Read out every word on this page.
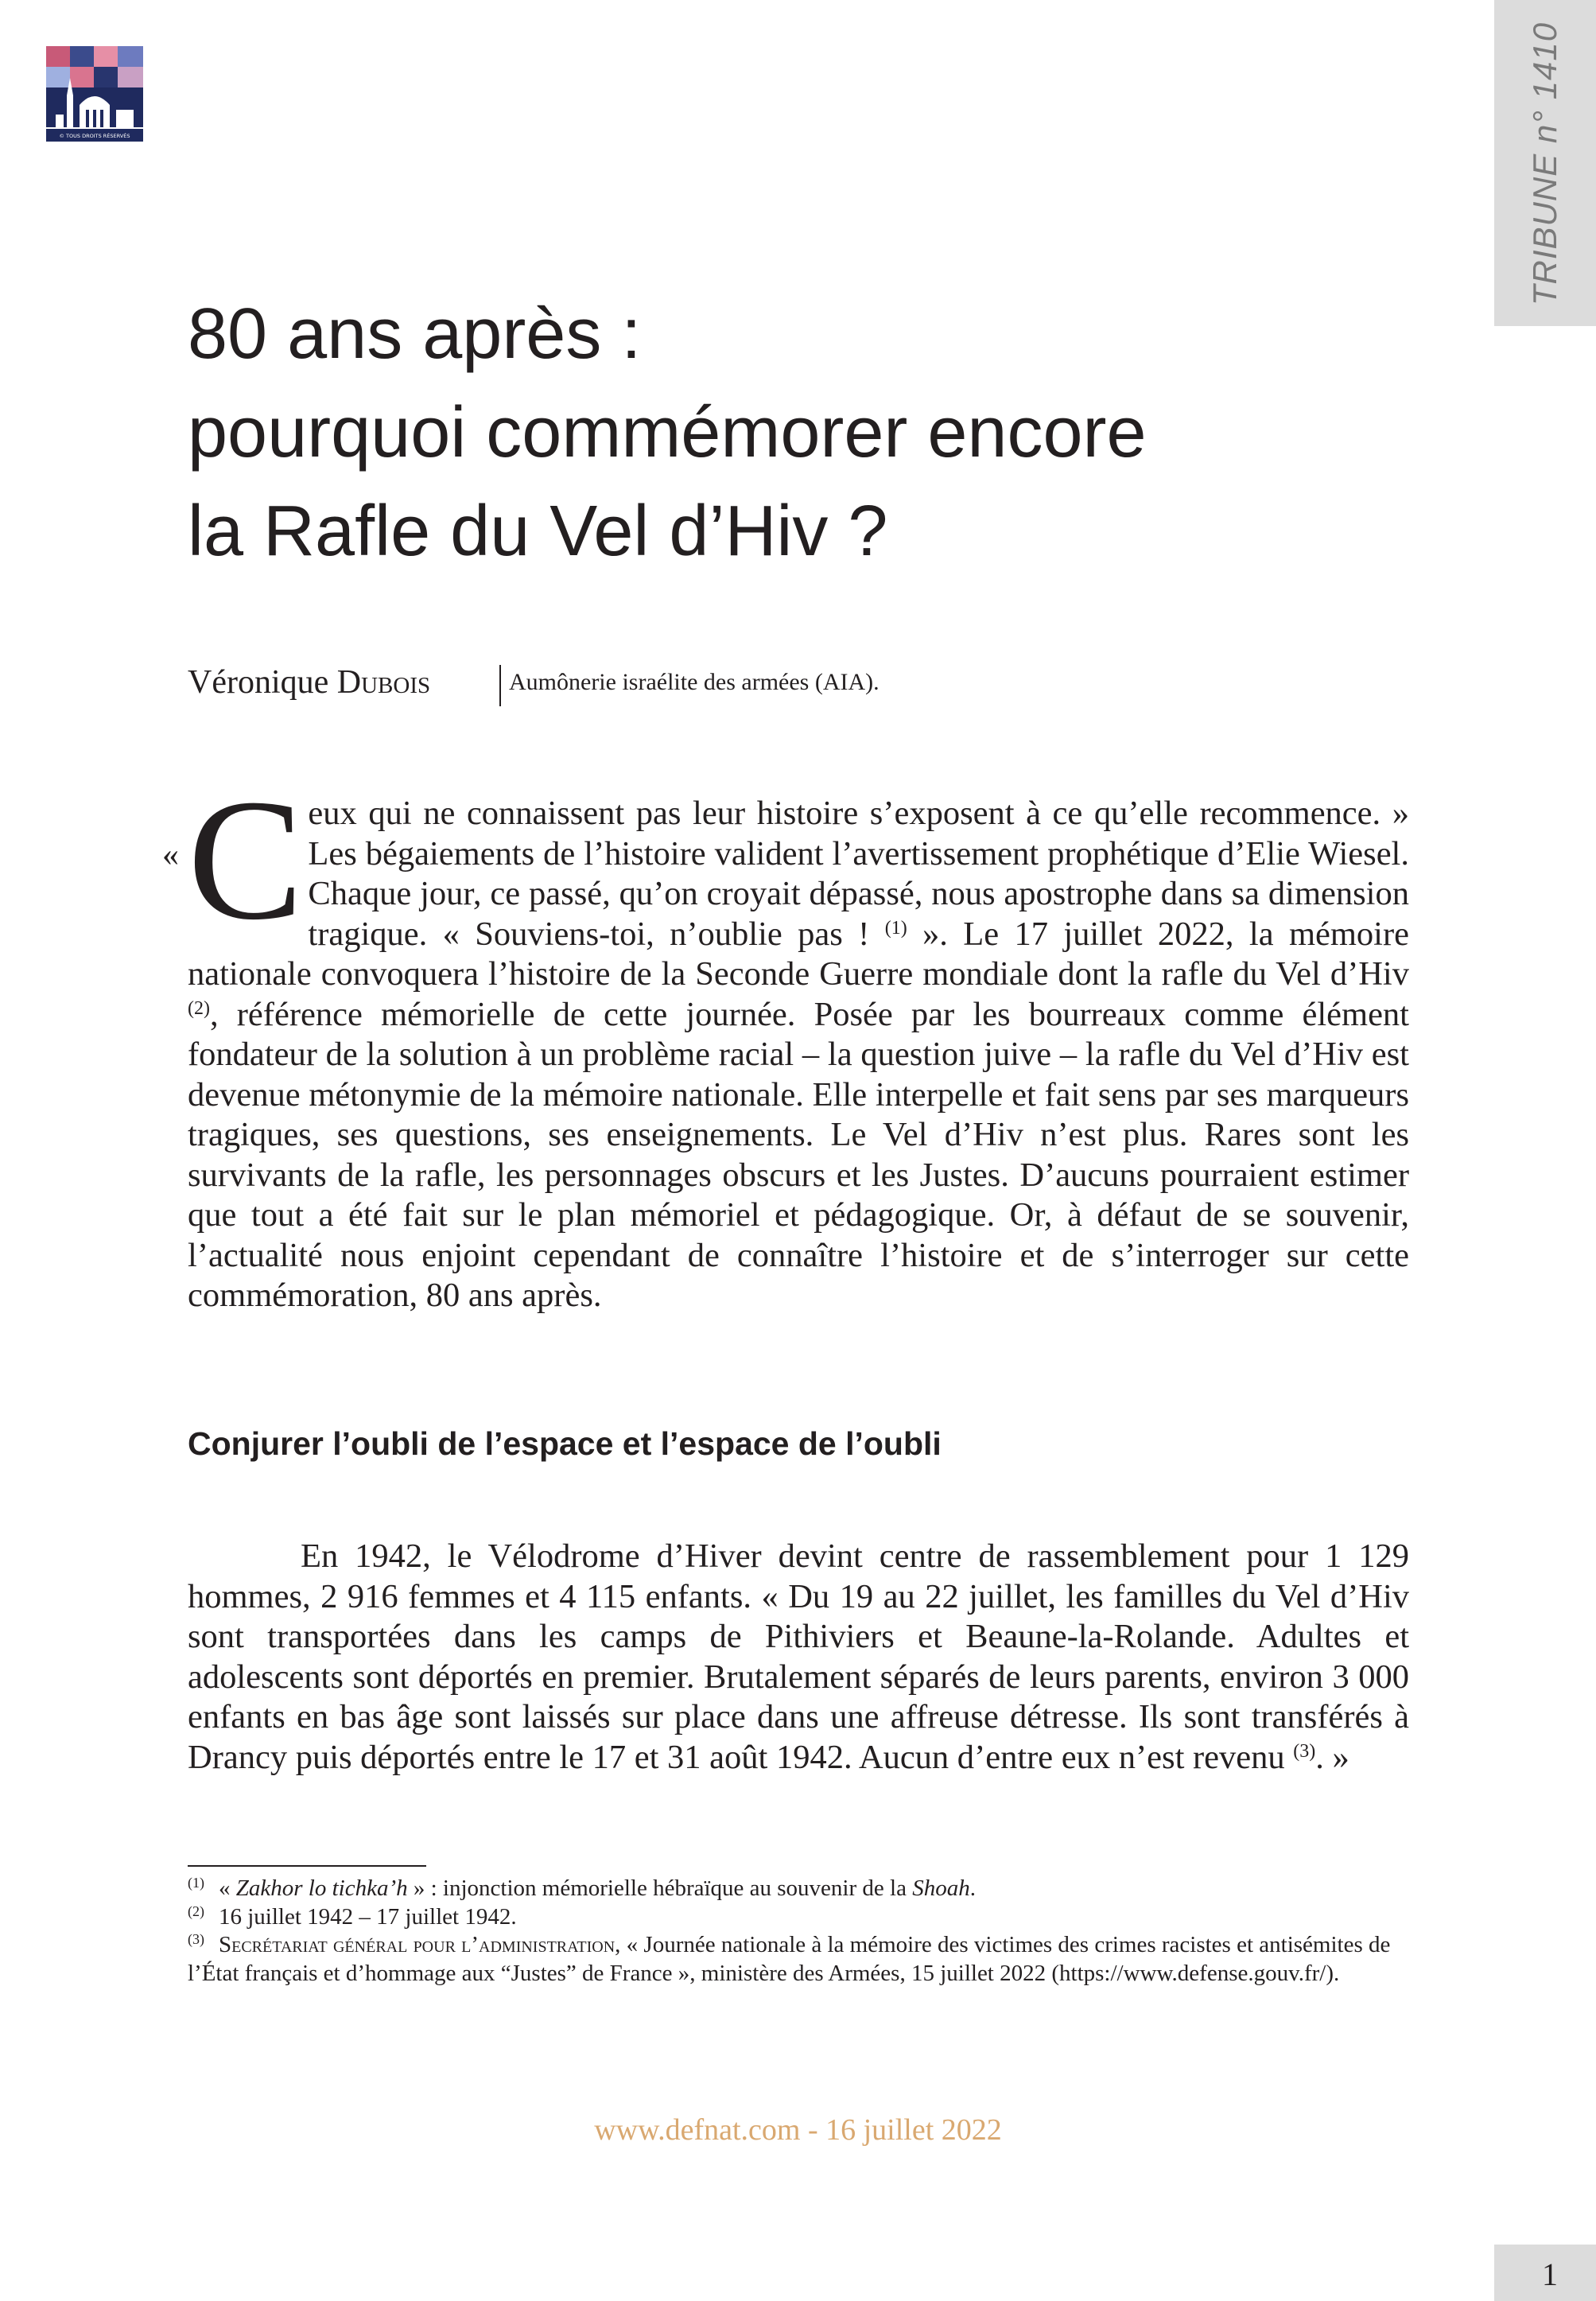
© TOUS DROITS RÉSERVÉS	TRIBUNE n° 1410
80 ans après :
pourquoi commémorer encore
la Rafle du Vel d’Hiv ?
Véronique Dubois	Aumônerie israélite des armées (AIA).
« Ceux qui ne connaissent pas leur histoire s’exposent à ce qu’elle recommence. » Les bégaiements de l’histoire valident l’avertissement prophétique d’Elie Wiesel. Chaque jour, ce passé, qu’on croyait dépassé, nous apostrophe dans sa dimension tragique. « Souviens-toi, n’oublie pas ! $^{(1)}$ ». Le 17 juillet 2022, la mémoire nationale convoquera l’histoire de la Seconde Guerre mondiale dont la rafle du Vel d’Hiv $^{(2)}$, référence mémorielle de cette journée. Posée par les bourreaux comme élément fondateur de la solution à un problème racial – la question juive – la rafle du Vel d’Hiv est devenue métonymie de la mémoire nationale. Elle interpelle et fait sens par ses marqueurs tragiques, ses questions, ses enseignements. Le Vel d’Hiv n’est plus. Rares sont les survivants de la rafle, les personnages obscurs et les Justes. D’aucuns pourraient estimer que tout a été fait sur le plan mémoriel et pédagogique. Or, à défaut de se souvenir, l’actualité nous enjoint cependant de connaître l’histoire et de s’interroger sur cette commémoration, 80 ans après.

Conjurer l’oubli de l’espace et l’espace de l’oubli

En 1942, le Vélodrome d’Hiver devint centre de rassemblement pour 1 129 hommes, 2 916 femmes et 4 115 enfants. « Du 19 au 22 juillet, les familles du Vel d’Hiv sont transportées dans les camps de Pithiviers et Beaune-la-Rolande. Adultes et adolescents sont déportés en premier. Brutalement séparés de leurs parents, environ 3 000 enfants en bas âge sont laissés sur place dans une affreuse détresse. Ils sont transférés à Drancy puis déportés entre le 17 et 31 août 1942. Aucun d’entre eux n’est revenu $^{(3)}$. »

$^{(1)}$ « Zakhor lo tichka’h » : injonction mémorielle hébraïque au souvenir de la Shoah.

$^{(2)}$ 16 juillet 1942 – 17 juillet 1942.

$^{(3)}$ Secrétariat général pour l’administration, « Journée nationale à la mémoire des victimes des crimes racistes et antisémites de l’État français et d’hommage aux “Justes” de France », ministère des Armées, 15 juillet 2022 (https://www.defense.gouv.fr/).

www.defnat.com - 16 juillet 2022
1
